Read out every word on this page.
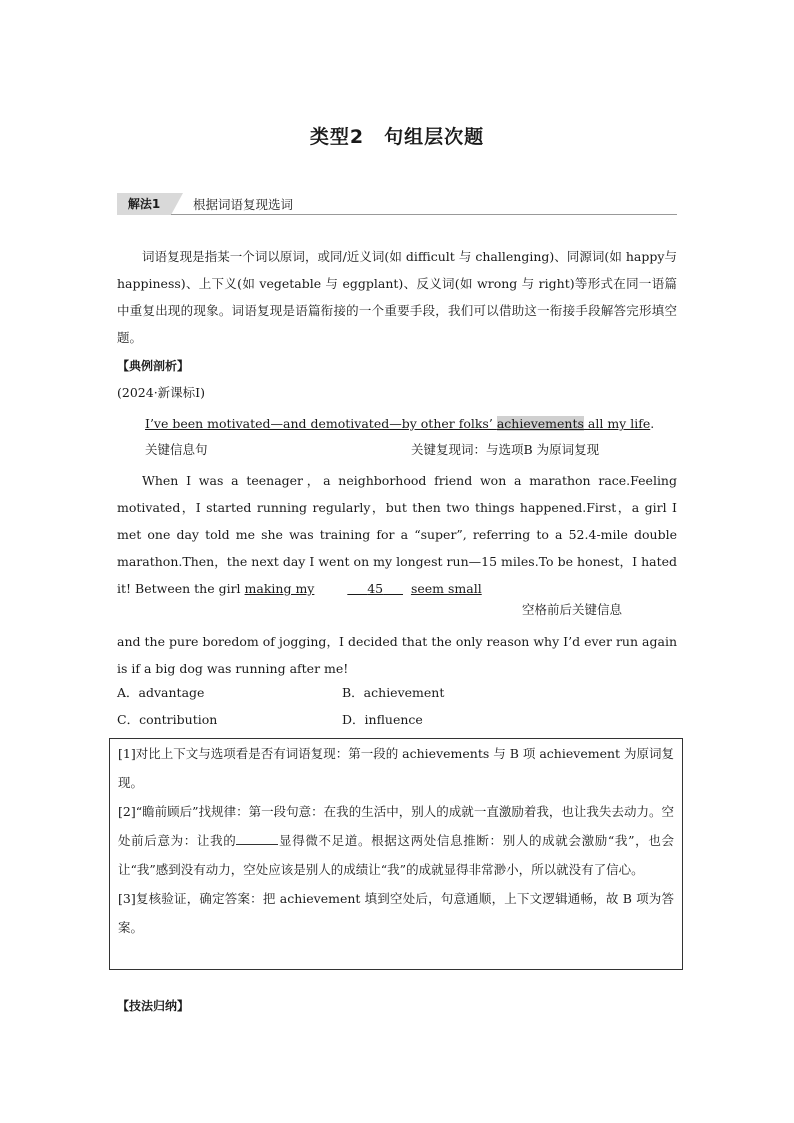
类型2　句组层次题
解法1	根据词语复现选词
词语复现是指某一个词以原词，或同/近义词(如 difficult 与 challenging)、同源词(如 happy与 happiness)、上下义(如 vegetable 与 eggplant)、反义词(如 wrong 与 right)等形式在同一语篇中重复出现的现象。词语复现是语篇衔接的一个重要手段，我们可以借助这一衔接手段解答完形填空题。
【典例剖析】
(2024·新课标Ⅰ)
I’ve been motivated—and demotivated—by other folks’ achievements all my life.
关键信息句	关键复现词：与选项B 为原词复现
When I was a teenager，a neighborhood friend won a marathon race.Feeling motivated，I started running regularly，but then two things happened.First，a girl I met one day told me she was training for a “super”, referring to a 52.4-mile double marathon.Then，the next day I went on my longest run—15 miles.To be honest，I hated it! Between the girl making my	45 seem small
空格前后关键信息
and the pure boredom of jogging，I decided that the only reason why I’d ever run again is if a big dog was running after me!
A．advantage	B．achievement
C．contribution	D．influence

[1]对比上下文与选项看是否有词语复现：第一段的 achievements 与 B 项 achievement 为原词复现。

[2]“瞻前顾后”找规律：第一段句意：在我的生活中，别人的成就一直激励着我，也让我失去动力。空处前后意为：让我的	显得微不足道。根据这两处信息推断：别人的成就会激励“我”，也会让“我”感到没有动力，空处应该是别人的成绩让“我”的成就显得非常渺小，所以就没有了信心。

[3]复核验证，确定答案：把 achievement 填到空处后，句意通顺，上下文逻辑通畅，故 B 项为答案。

【技法归纳】
